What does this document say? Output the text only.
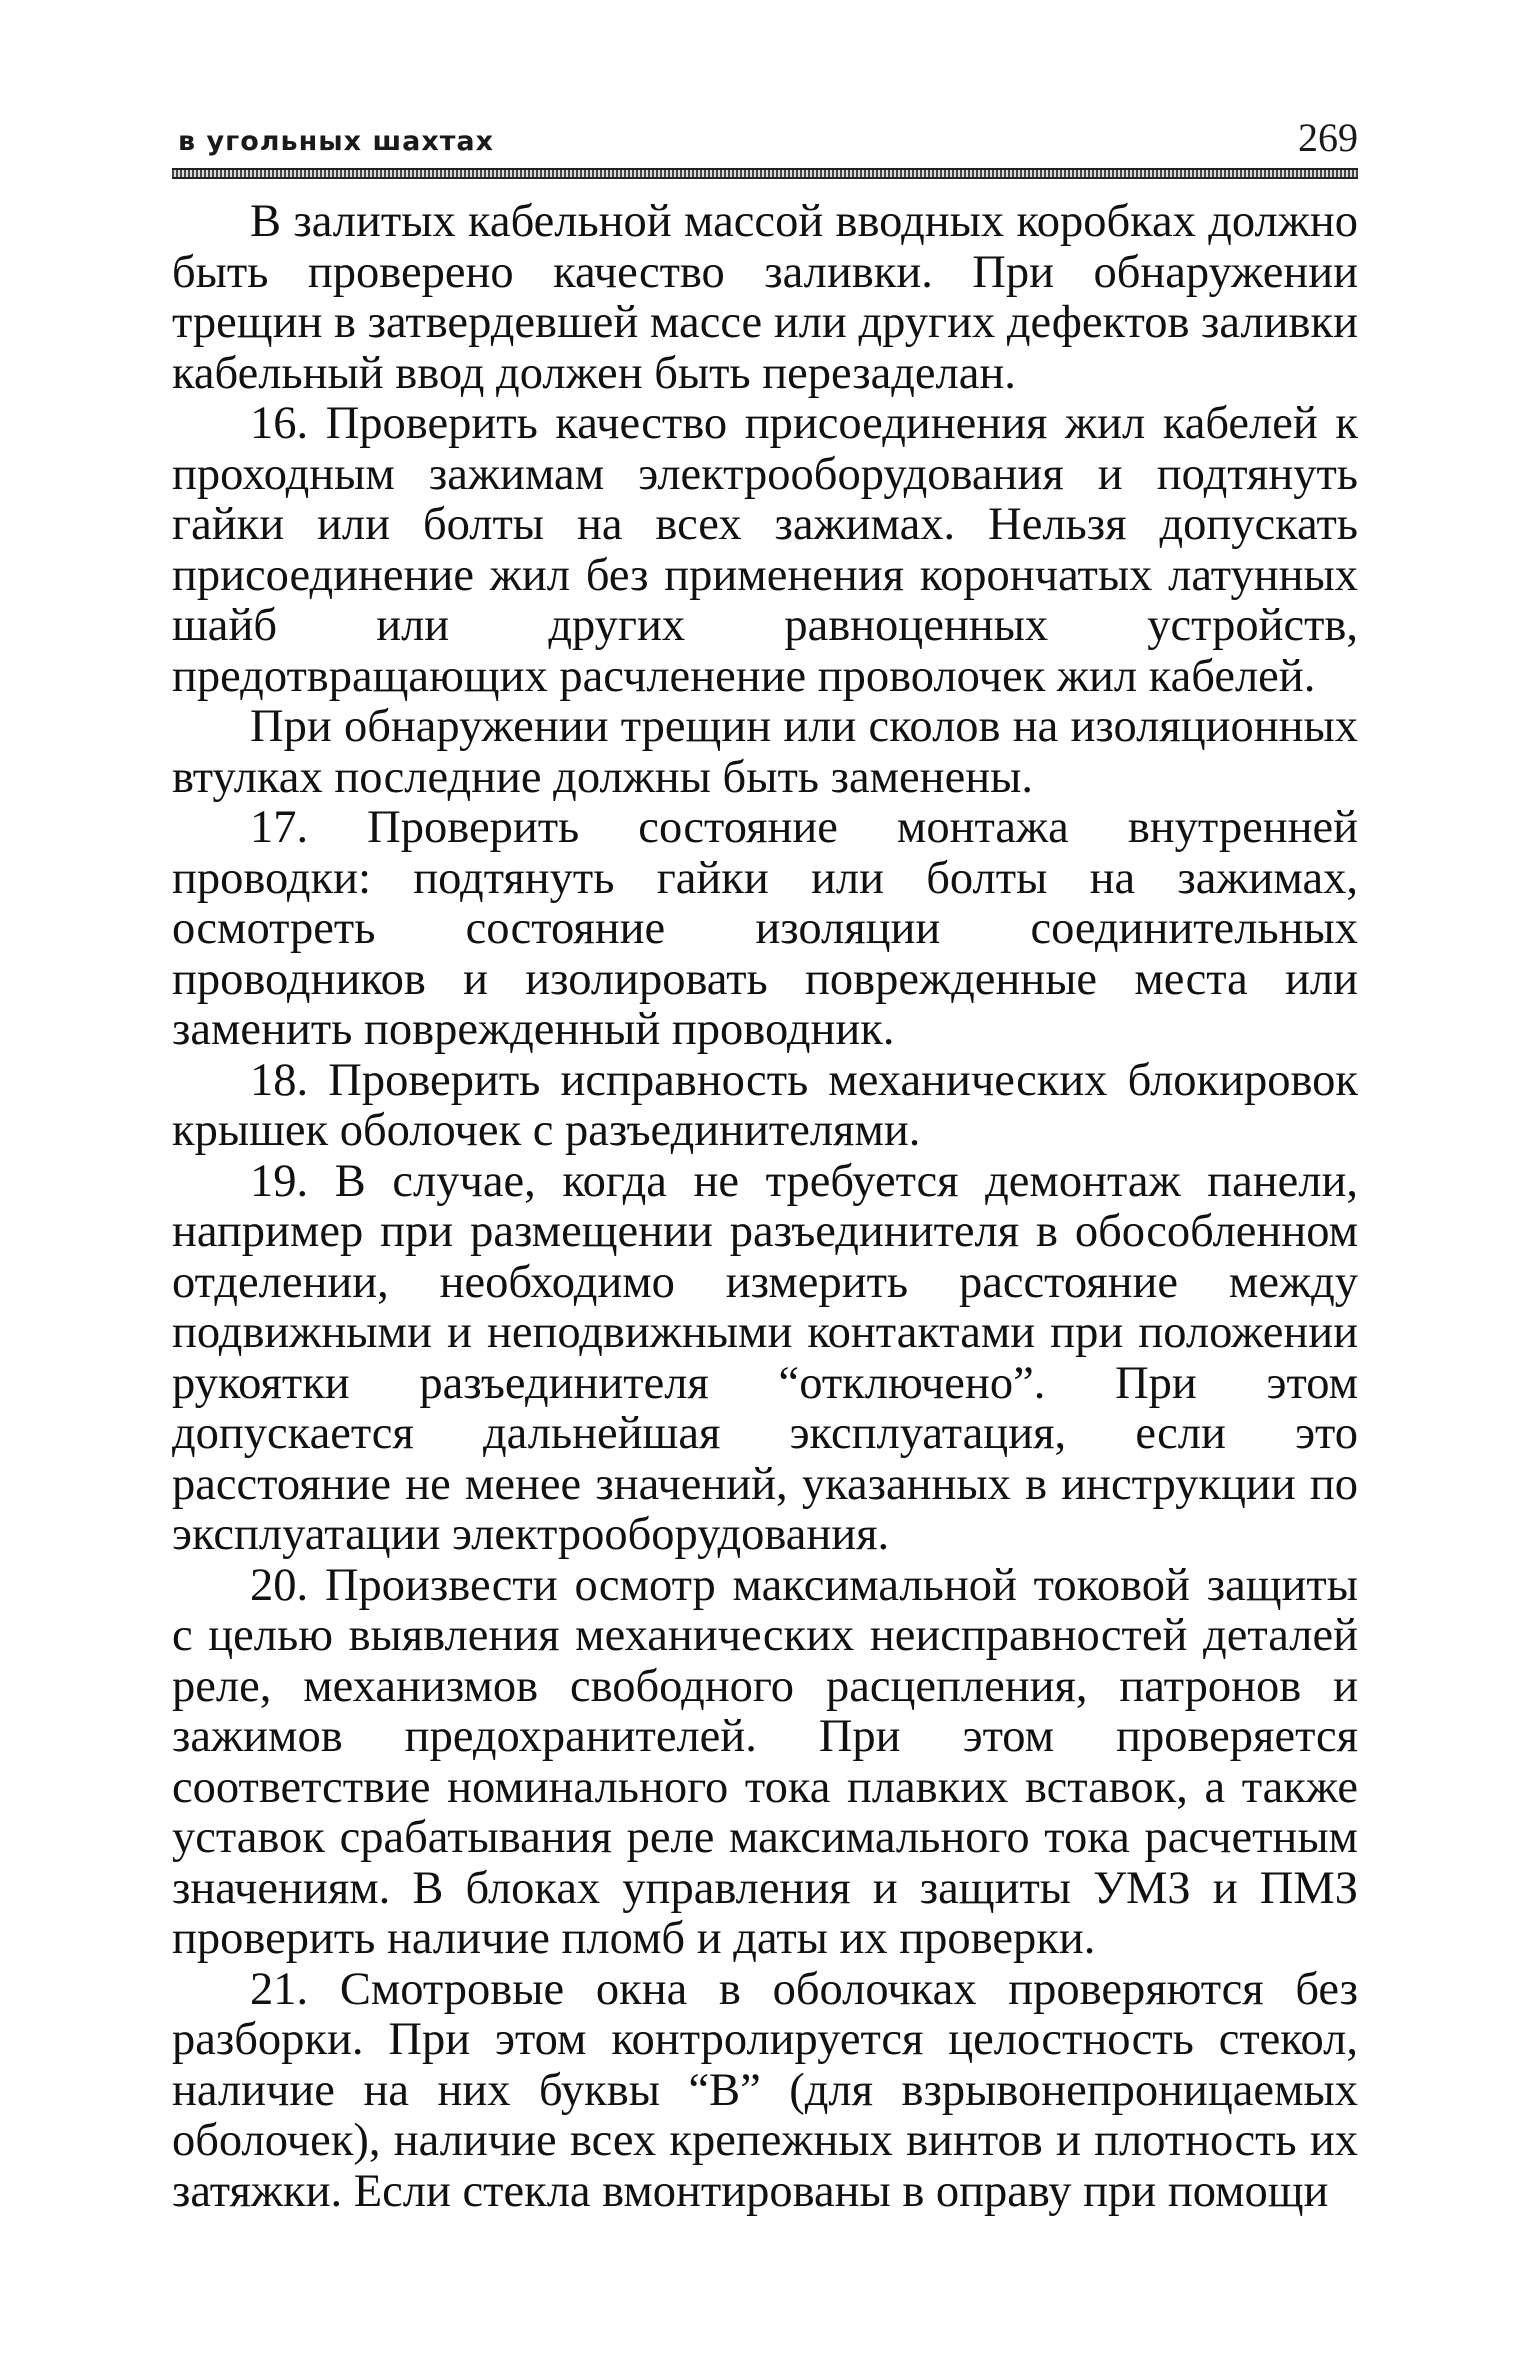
в угольных шахтах	269

В залитых кабельной массой вводных коробках должно быть проверено качество заливки. При обнаружении трещин в затвердевшей массе или других дефектов заливки кабельный ввод должен быть перезаделан.

16. Проверить качество присоединения жил кабелей к проходным зажимам электрооборудования и подтянуть гайки или болты на всех зажимах. Нельзя допускать присоединение жил без применения корончатых латунных шайб или других равноценных устройств, предотвращающих расчленение проволочек жил кабелей.

При обнаружении трещин или сколов на изоляционных втулках последние должны быть заменены.

17. Проверить состояние монтажа внутренней проводки: подтянуть гайки или болты на зажимах, осмотреть состояние изоляции соединительных проводников и изолировать поврежденные места или заменить поврежденный проводник.

18. Проверить исправность механических блокировок крышек оболочек с разъединителями.

19. В случае, когда не требуется демонтаж панели, например при размещении разъединителя в обособленном отделении, необходимо измерить расстояние между подвижными и неподвижными контактами при положении рукоятки разъединителя “отключено”. При этом допускается дальнейшая эксплуатация, если это расстояние не менее значений, указанных в инструкции по эксплуатации электрооборудования.

20. Произвести осмотр максимальной токовой защиты с целью выявления механических неисправностей деталей реле, механизмов свободного расцепления, патронов и зажимов предохранителей. При этом проверяется соответствие номинального тока плавких вставок, а также уставок срабатывания реле максимального тока расчетным значениям. В блоках управления и защиты УМЗ и ПМЗ проверить наличие пломб и даты их проверки.

21. Смотровые окна в оболочках проверяются без разборки. При этом контролируется целостность стекол, наличие на них буквы “В” (для взрывонепроницаемых оболочек), наличие всех крепежных винтов и плотность их затяжки. Если стекла вмонтированы в оправу при помощи
